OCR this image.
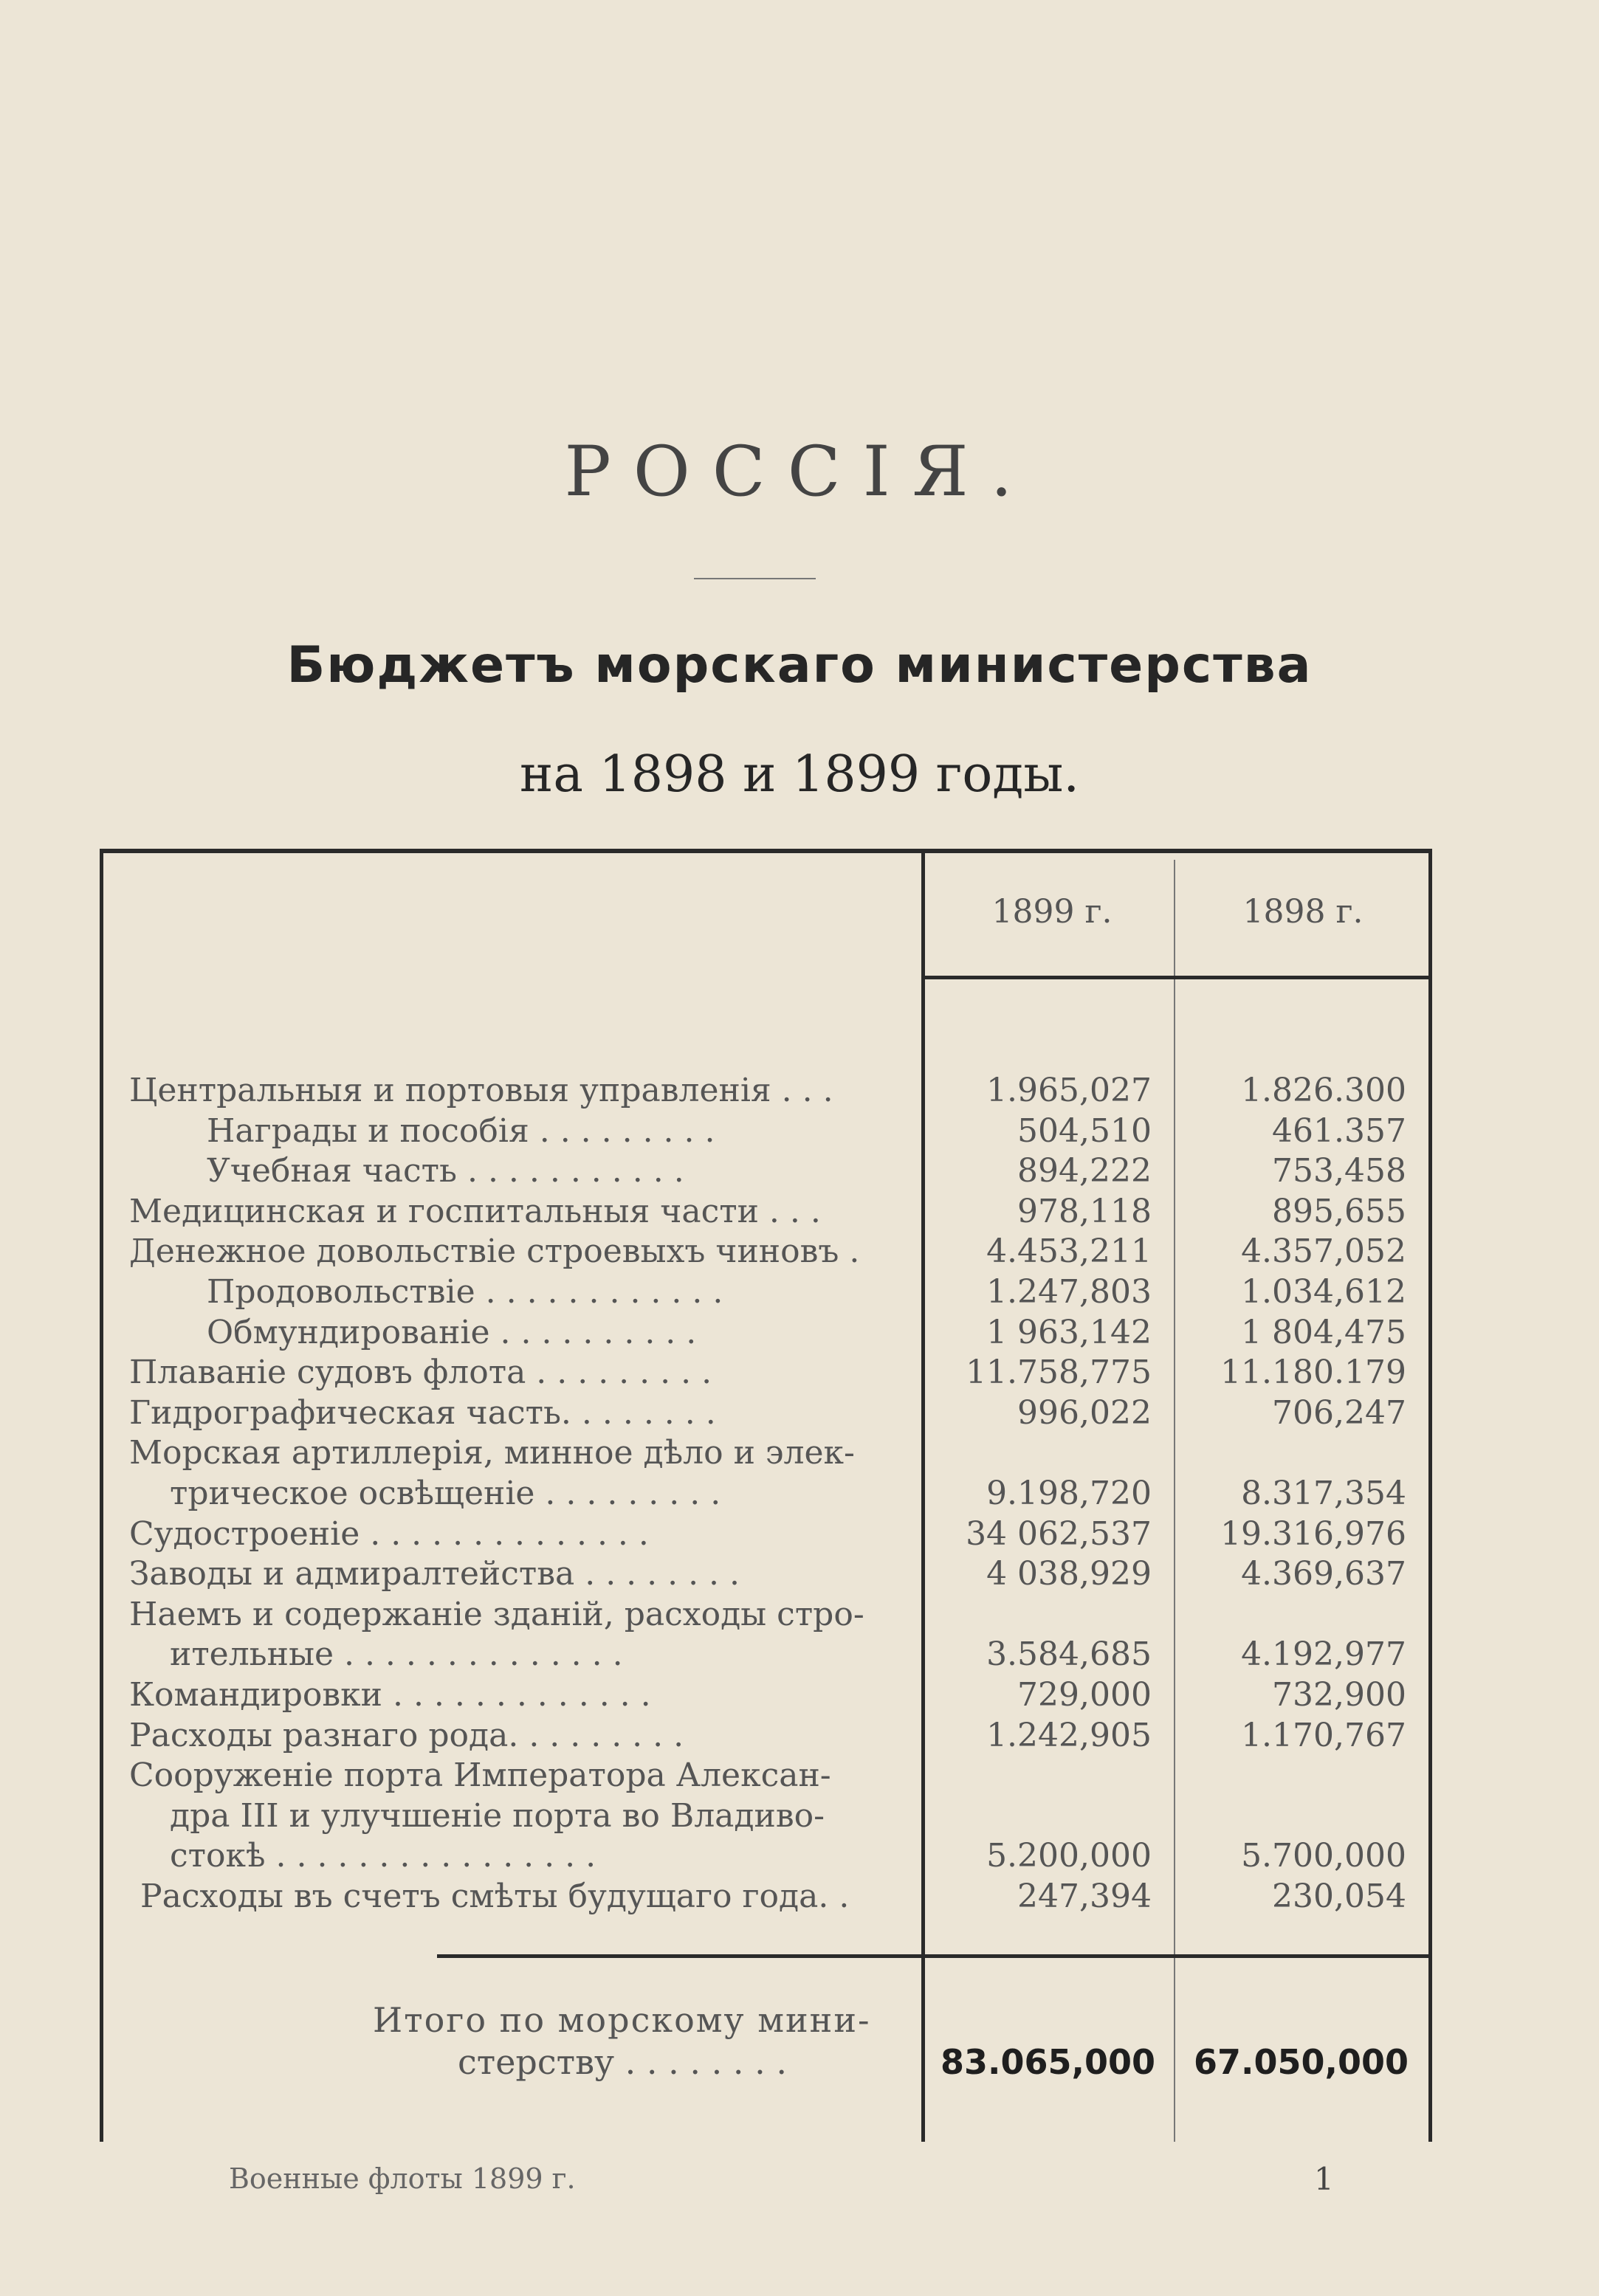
РОССІЯ.
Бюджетъ морскаго министерства
на 1898 и 1899 годы.
1899 г.	1898 г.
Центральныя и портовыя управленія . . .	1.965,027	1.826.300
Награды и пособія . . . . . . . . .	504,510	461.357
Учебная часть . . . . . . . . . . .	894,222	753,458
Медицинская и госпитальныя части . . .	978,118	895,655
Денежное довольствіе строевыхъ чиновъ .	4.453,211	4.357,052
Продовольствіе . . . . . . . . . . . .	1.247,803	1.034,612
Обмундированіе . . . . . . . . . .	1 963,142	1 804,475
Плаваніе судовъ флота . . . . . . . . .	11.758,775	11.180.179
Гидрографическая часть. . . . . . . .	996,022	706,247
Морская артиллерія, минное дѣло и элек-
трическое освѣщеніе . . . . . . . . .	9.198,720	8.317,354
Судостроеніе . . . . . . . . . . . . . .	34 062,537	19.316,976
Заводы и адмиралтейства . . . . . . . .	4 038,929	4.369,637
Наемъ и содержаніе зданій, расходы стро-
ительные . . . . . . . . . . . . . .	3.584,685	4.192,977
Командировки . . . . . . . . . . . . .	729,000	732,900
Расходы разнаго рода. . . . . . . . .	1.242,905	1.170,767
Сооруженіе порта Императора Алексан-
дра III и улучшеніе порта во Владиво-
стокѣ . . . . . . . . . . . . . . . .	5.200,000	5.700,000
Расходы въ счетъ смѣты будущаго года. .	247,394	230,054
Итого по морскому мини-
стерству . . . . . . . .	83.065,000 67.050,000
Военные флоты 1899 г.	1
